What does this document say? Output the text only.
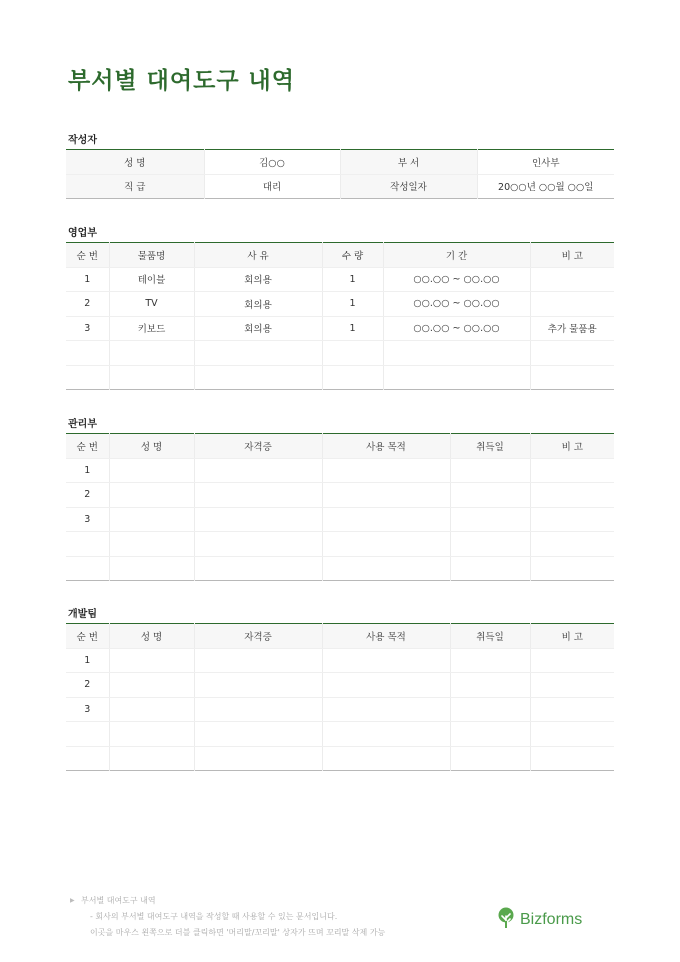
부서별 대여도구 내역
작성자
성 명	김○○	부 서	인사부
직 급	대리	작성일자	20○○년 ○○월 ○○일
영업부
순 번	물품명	사 유	수 량	기 간	비 고
1	테이블	회의용	1	○○.○○ ~ ○○.○○	
2	TV	회의용	1	○○.○○ ~ ○○.○○	
3	키보드	회의용	1	○○.○○ ~ ○○.○○	추가 물품용

관리부
순 번	성 명	자격증	사용 목적	취득일	비 고
1					
2					
3					

개발팀
순 번	성 명	자격증	사용 목적	취득일	비 고
1					
2					
3					

▶ 부서별 대여도구 내역
- 회사의 부서별 대여도구 내역을 작성할 때 사용할 수 있는 문서입니다.
이곳을 마우스 왼쪽으로 더블 클릭하면 '머리말/꼬리말' 상자가 뜨며 꼬리말 삭제 가능
Bizforms
